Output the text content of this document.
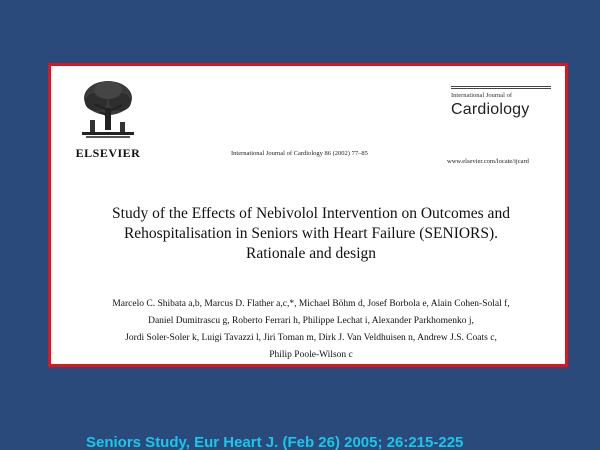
ELSEVIER	International Journal of Cardiology 86 (2002) 77–85
International Journal of
Cardiology
www.elsevier.com/locate/ijcard
Study of the Effects of Nebivolol Intervention on Outcomes and
Rehospitalisation in Seniors with Heart Failure (SENIORS).
Rationale and design
Marcelo C. Shibata a,b, Marcus D. Flather a,c,*, Michael Böhm d, Josef Borbola e, Alain Cohen-Solal f,
Daniel Dumitrascu g, Roberto Ferrari h, Philippe Lechat i, Alexander Parkhomenko j,
Jordi Soler-Soler k, Luigi Tavazzi l, Jiri Toman m, Dirk J. Van Veldhuisen n, Andrew J.S. Coats c,
Philip Poole-Wilson c
Seniors Study, Eur Heart J. (Feb 26) 2005; 26:215-225
